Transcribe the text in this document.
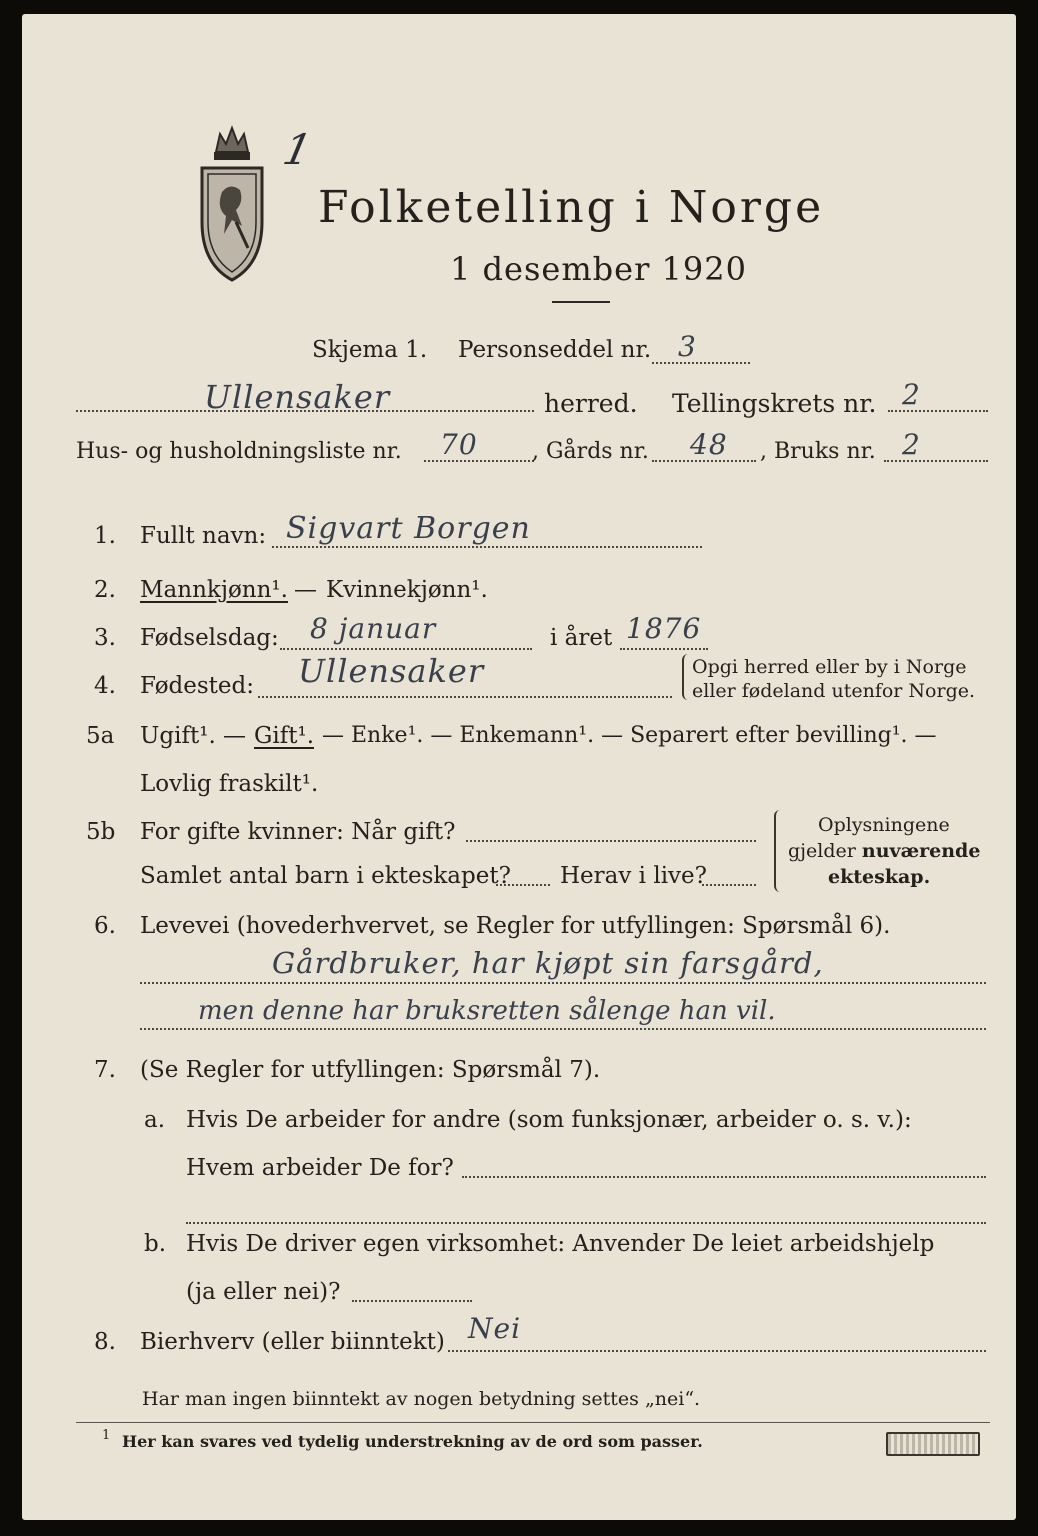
1
Folketelling i Norge
1 desember 1920
Skjema 1. Personseddel nr. 3
Ullensaker	herred. Tellingskrets nr. 2
Hus- og husholdningsliste nr. 70 , Gårds nr. 48 , Bruks nr. 2
1. Fullt navn: Sigvart Borgen
2. Mannkjønn¹. — Kvinnekjønn¹.
3. Fødselsdag: 8 januar	i året 1876
4. Fødested: Ullensaker	Opgi herred eller by i Norge
eller fødeland utenfor Norge.
5a Ugift¹. — Gift¹. — Enke¹. — Enkemann¹. — Separert efter bevilling¹. —
Lovlig fraskilt¹.
5b For gifte kvinner: Når gift?
Samlet antal barn i ekteskapet? Herav i live?
Oplysningene
gjelder nuværende
ekteskap.
6. Levevei (hovederhvervet, se Regler for utfyllingen: Spørsmål 6).
Gårdbruker, har kjøpt sin farsgård,
men denne har bruksretten sålenge han vil.
7. (Se Regler for utfyllingen: Spørsmål 7).
a. Hvis De arbeider for andre (som funksjonær, arbeider o. s. v.):
Hvem arbeider De for?
b. Hvis De driver egen virksomhet: Anvender De leiet arbeidshjelp
(ja eller nei)?
8. Bierhverv (eller biinntekt) Nei
Har man ingen biinntekt av nogen betydning settes „nei“.
1 Her kan svares ved tydelig understrekning av de ord som passer.
